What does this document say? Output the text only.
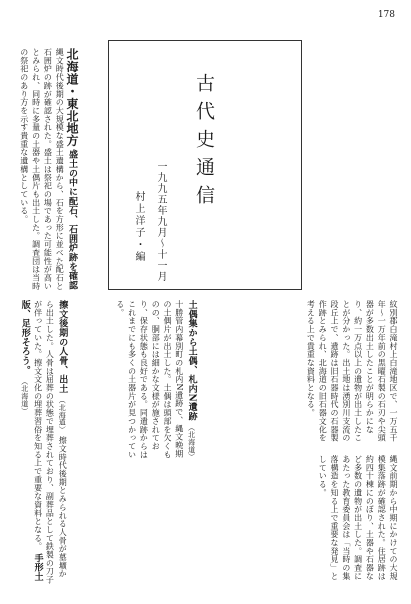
178
紋別郡白滝村上白滝地区で、一万五千年～一万年前の黒曜石製の石刃や尖頭器が多数出土したことが明らかになり、約一万点以上の遺物が出土したことが分かった。出土地は湧別川支流の段丘上で、遺跡は旧石器時代の石器製作跡とみられ、北海道の旧石器文化を考える上で貴重な資料となる。
古代史通信
一九九五年九月～十一月
村上洋子・編
北海道・東北地方 盛土の中に配石、石囲炉跡を確認 縄文時代後期の大規模な盛土遺構から、石を方形に並べた配石と石囲炉の跡が確認された。盛土は祭祀の場であった可能性が高いとみられ、同時に多量の土器や土偶片も出土した。調査団は当時の祭祀のあり方を示す貴重な遺構としている。
縄文前期から中期にかけての大規模集落跡が確認された。住居跡は約四十棟にのぼり、土器や石器など多数の遺物が出土した。調査にあたった教育委員会は「当時の集落構造を知る上で重要な発見」としている。
土偶集から土偶、札内N遺跡 （北海道） 十勝管内幕別町の札内N遺跡で、縄文晩期の土偶片が出土した。土偶は頭部を欠くものの、胴部には細かな文様が施されており、保存状態も良好である。同遺跡からはこれまでにも多くの土器片が見つかっている。
擦文後期の人骨、出土 （北海道） 擦文時代後期とみられる人骨が墓壙から出土した。人骨は屈葬の状態で埋葬されており、副葬品として鉄製の刀子が伴っていた。擦文文化の埋葬習俗を知る上で重要な資料となる。 手形土版、足形そろう。 （北海道）
